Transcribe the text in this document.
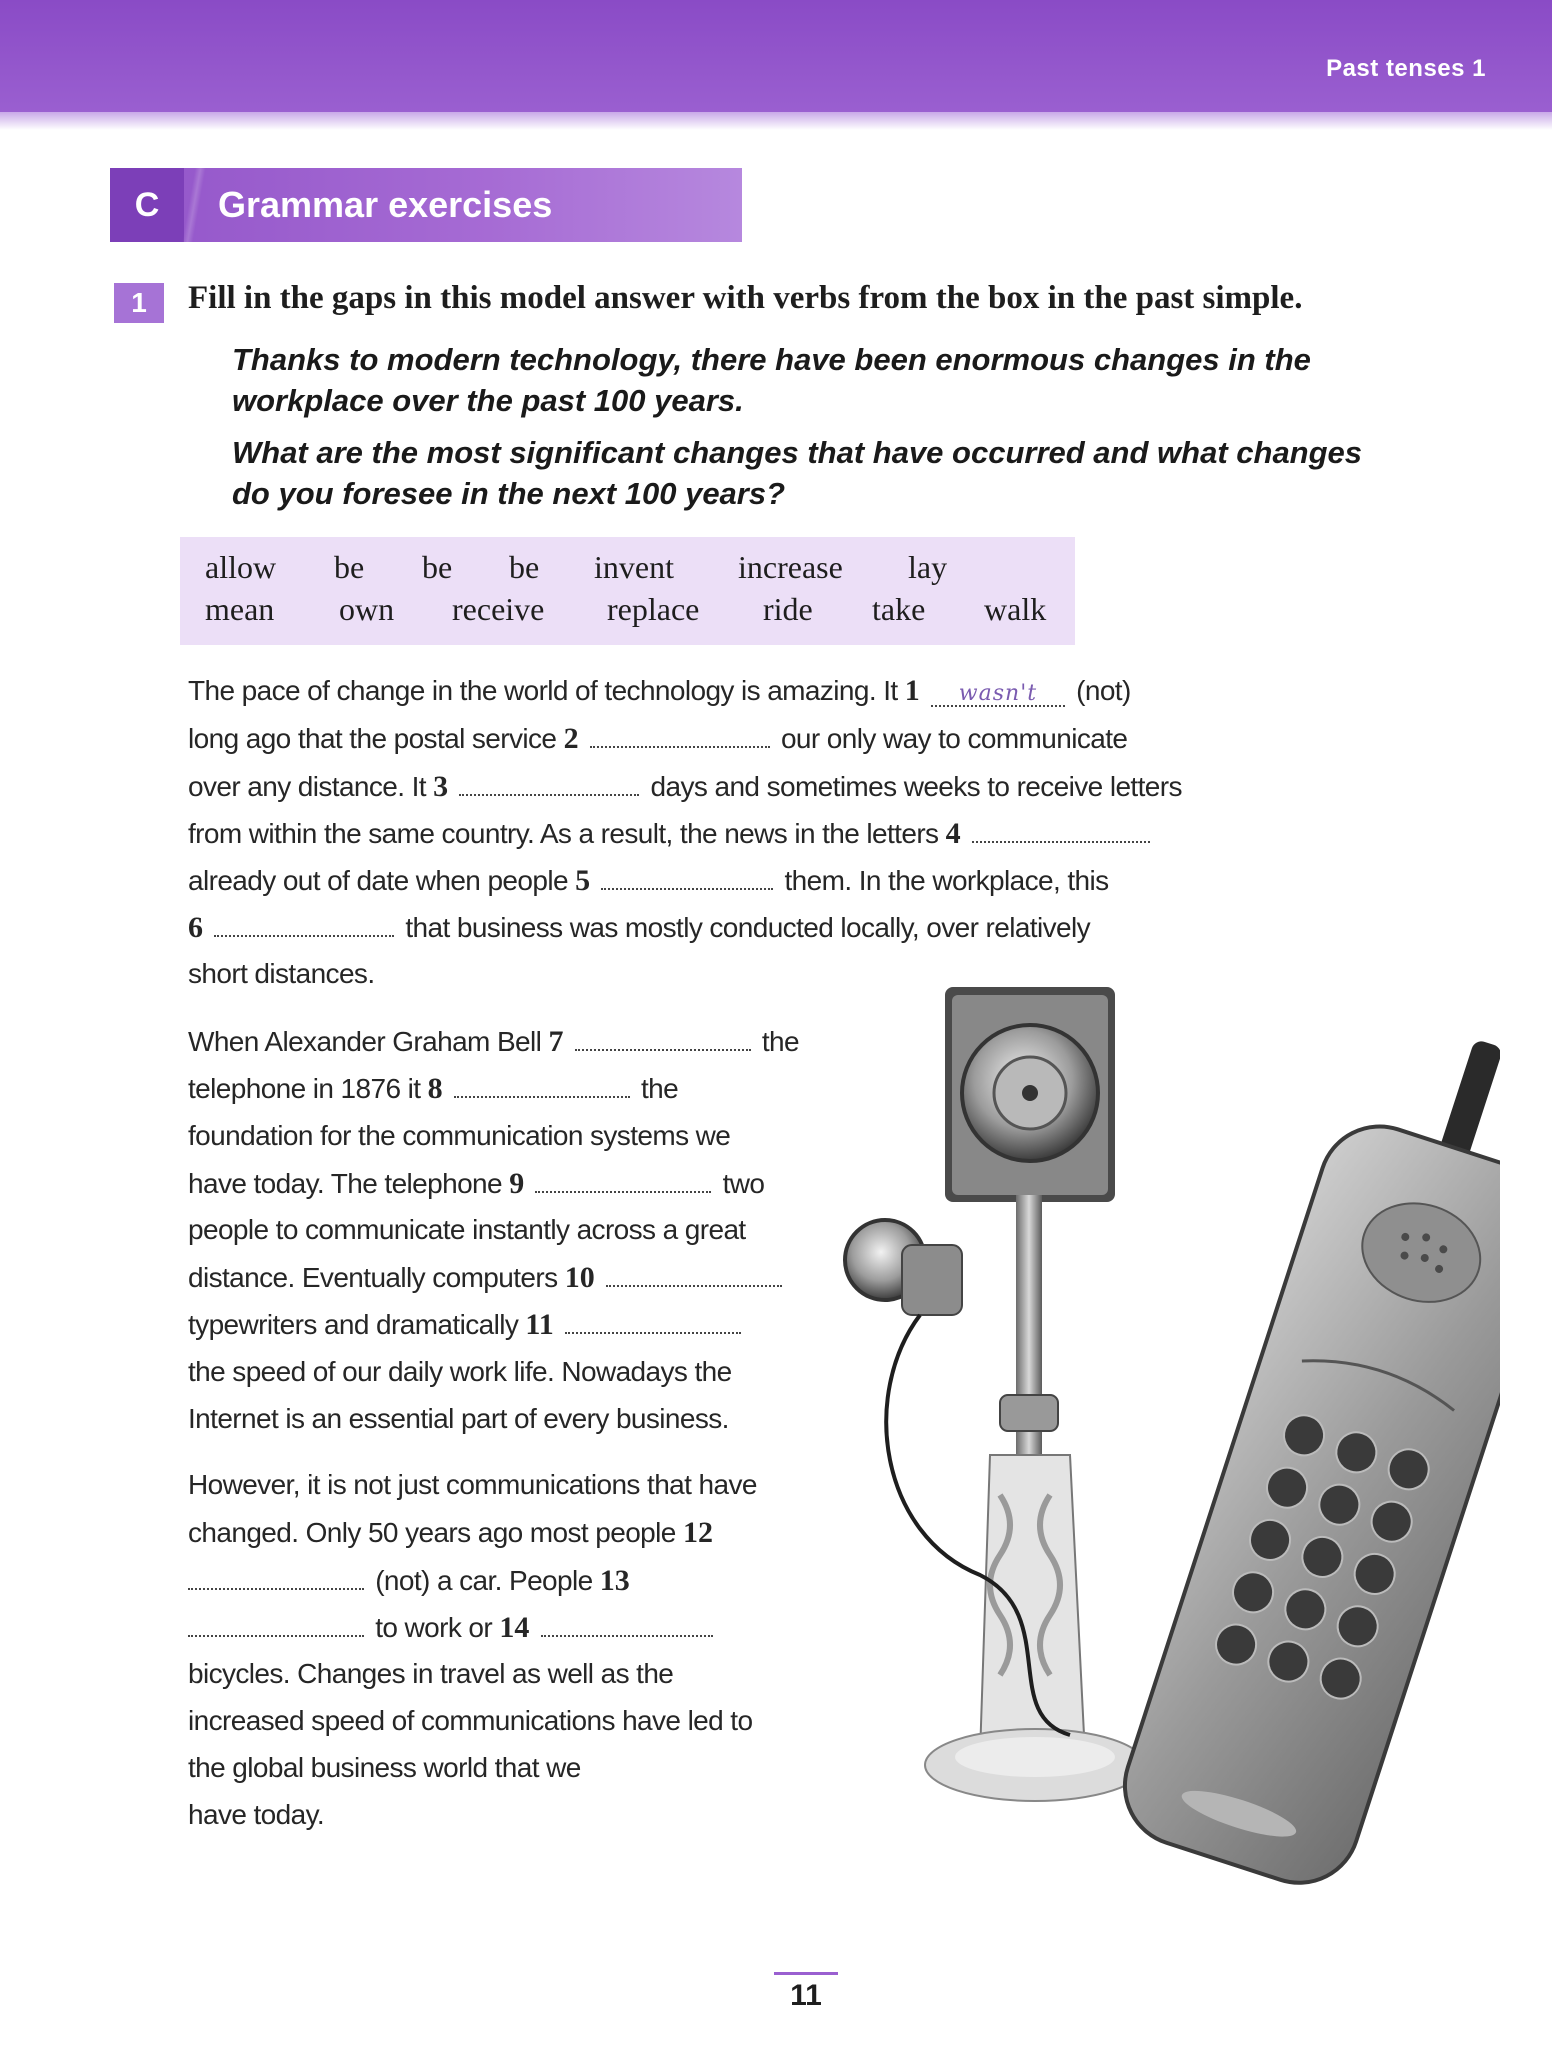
Past tenses 1
C	Grammar exercises
1	Fill in the gaps in this model answer with verbs from the box in the past simple.
Thanks to modern technology, there have been enormous changes in the
workplace over the past 100 years.
What are the most significant changes that have occurred and what changes
do you foresee in the next 100 years?
allow be be be invent increase lay
mean own receive replace ride take walk
The pace of change in the world of technology is amazing. It 1 wasn't (not)
long ago that the postal service 2	our only way to communicate
over any distance. It 3	days and sometimes weeks to receive letters
from within the same country. As a result, the news in the letters 4
already out of date when people 5	them. In the workplace, this
6	that business was mostly conducted locally, over relatively
short distances.
When Alexander Graham Bell 7	the
telephone in 1876 it 8	the
foundation for the communication systems we
have today. The telephone 9	two
people to communicate instantly across a great
distance. Eventually computers 10
typewriters and dramatically 11
the speed of our daily work life. Nowadays the
Internet is an essential part of every business.
However, it is not just communications that have
changed. Only 50 years ago most people 12
(not) a car. People 13
to work or 14
bicycles. Changes in travel as well as the
increased speed of communications have led to
the global business world that we
have today.
11
